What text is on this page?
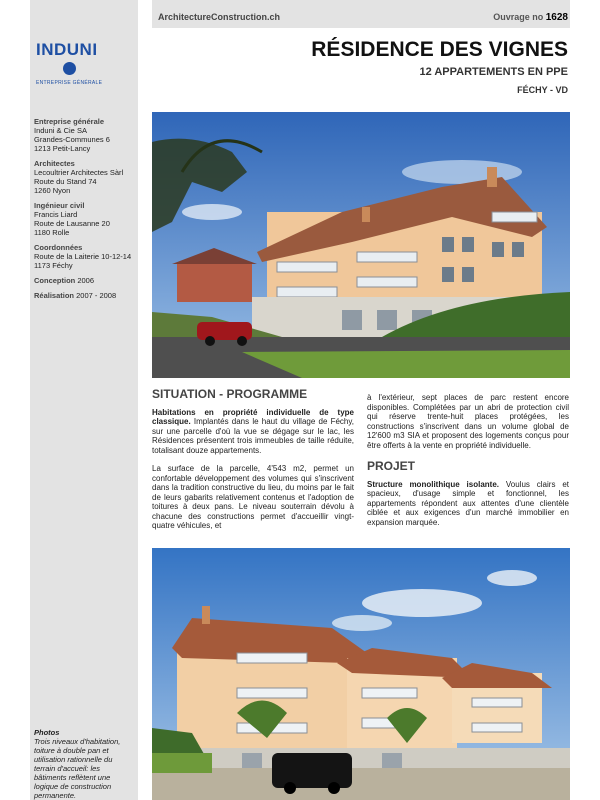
ArchitectureConstruction.ch	Ouvrage no 1628
INDUNI
ENTREPRISE GÉNÉRALE
RÉSIDENCE DES VIGNES
12 APPARTEMENTS EN PPE
FÉCHY - VD
Entreprise générale
Induni & Cie SA
Grandes-Communes 6
1213 Petit-Lancy
Architectes
Lecoultrier Architectes Sàrl
Route du Stand 74
1260 Nyon
Ingénieur civil
Francis Liard
Route de Lausanne 20
1180 Rolle
Coordonnées
Route de la Laiterie 10-12-14
1173 Féchy
Conception 2006
Réalisation 2007 - 2008
Photos
Trois niveaux d'habitation, toiture à double pan et utilisation rationnelle du terrain d'accueil: les bâtiments reflètent une logique de construction permanente.
SITUATION - PROGRAMME

Habitations en propriété individuelle de type classique. Implantés dans le haut du village de Féchy, sur une parcelle d'où la vue se dégage sur le lac, les Résidences présentent trois immeubles de taille réduite, totalisant douze appartements.

La surface de la parcelle, 4'543 m2, permet un confortable développement des volumes qui s'inscrivent dans la tradition constructive du lieu, du moins par le fait de leurs gabarits relativement contenus et l'adoption de toitures à deux pans. Le niveau souterrain dévolu à chacune des constructions permet d'accueillir vingt-quatre véhicules, et

à l'extérieur, sept places de parc restent encore disponibles. Complétées par un abri de protection civil qui réserve trente-huit places protégées, les constructions s'inscrivent dans un volume global de 12'600 m3 SIA et proposent des logements conçus pour être offerts à la vente en propriété individuelle.

PROJET

Structure monolithique isolante. Voulus clairs et spacieux, d'usage simple et fonctionnel, les appartements répondent aux attentes d'une clientèle ciblée et aux exigences d'un marché immobilier en expansion marquée.
